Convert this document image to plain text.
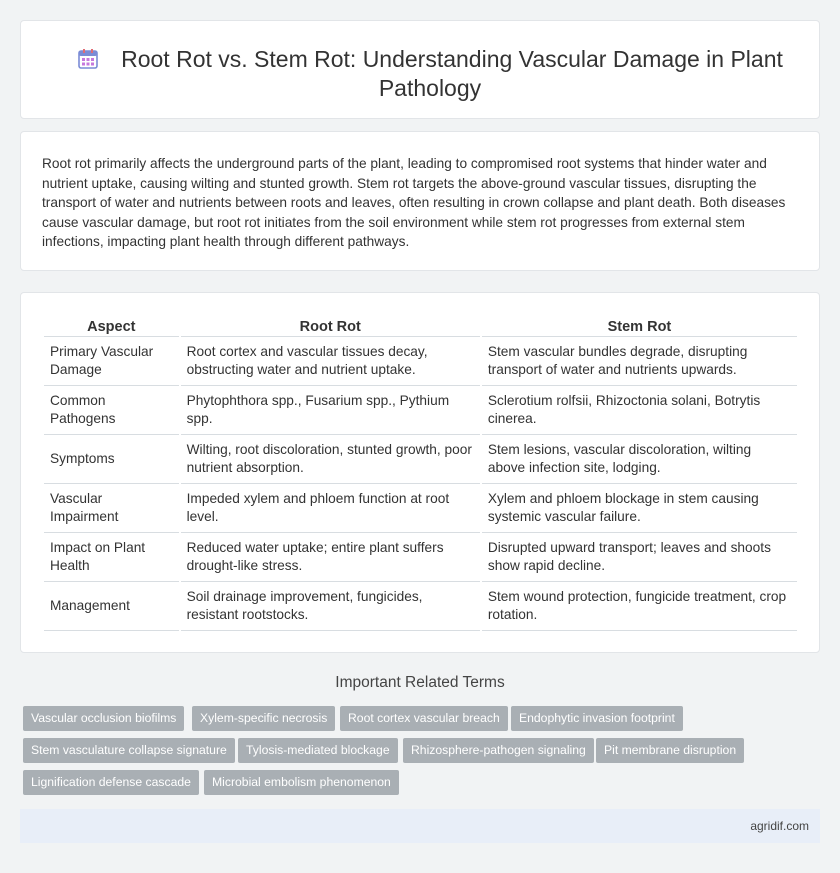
Root Rot vs. Stem Rot: Understanding Vascular Damage in Plant Pathology

Root rot primarily affects the underground parts of the plant, leading to compromised root systems that hinder water and nutrient uptake, causing wilting and stunted growth. Stem rot targets the above-ground vascular tissues, disrupting the transport of water and nutrients between roots and leaves, often resulting in crown collapse and plant death. Both diseases cause vascular damage, but root rot initiates from the soil environment while stem rot progresses from external stem infections, impacting plant health through different pathways.

Aspect	Root Rot	Stem Rot
Primary Vascular Damage	Root cortex and vascular tissues decay, obstructing water and nutrient uptake.	Stem vascular bundles degrade, disrupting transport of water and nutrients upwards.
Common Pathogens	Phytophthora spp., Fusarium spp., Pythium spp.	Sclerotium rolfsii, Rhizoctonia solani, Botrytis cinerea.
Symptoms	Wilting, root discoloration, stunted growth, poor nutrient absorption.	Stem lesions, vascular discoloration, wilting above infection site, lodging.
Vascular Impairment	Impeded xylem and phloem function at root level.	Xylem and phloem blockage in stem causing systemic vascular failure.
Impact on Plant Health	Reduced water uptake; entire plant suffers drought-like stress.	Disrupted upward transport; leaves and shoots show rapid decline.
Management	Soil drainage improvement, fungicides, resistant rootstocks.	Stem wound protection, fungicide treatment, crop rotation.
Important Related Terms
Vascular occlusion biofilms	Xylem-specific necrosis	Root cortex vascular breach	Endophytic invasion footprint
Stem vasculature collapse signature	Tylosis-mediated blockage	Rhizosphere-pathogen signaling	Pit membrane disruption
Lignification defense cascade	Microbial embolism phenomenon
agridif.com
